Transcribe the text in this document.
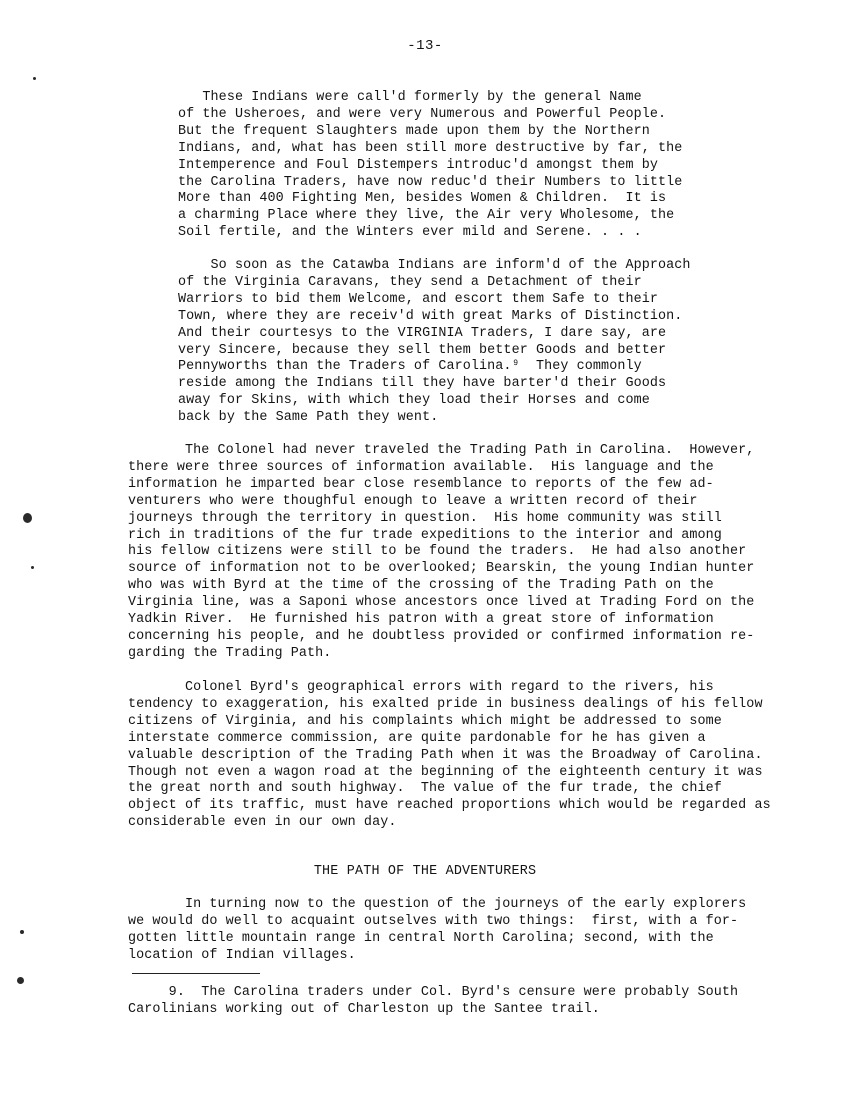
-13-
These Indians were call'd formerly by the general Name
of the Usheroes, and were very Numerous and Powerful People.
But the frequent Slaughters made upon them by the Northern
Indians, and, what has been still more destructive by far, the
Intemperence and Foul Distempers introduc'd amongst them by
the Carolina Traders, have now reduc'd their Numbers to little
More than 400 Fighting Men, besides Women & Children.  It is
a charming Place where they live, the Air very Wholesome, the
Soil fertile, and the Winters ever mild and Serene. . . .
So soon as the Catawba Indians are inform'd of the Approach
of the Virginia Caravans, they send a Detachment of their
Warriors to bid them Welcome, and escort them Safe to their
Town, where they are receiv'd with great Marks of Distinction.
And their courtesys to the VIRGINIA Traders, I dare say, are
very Sincere, because they sell them better Goods and better
Pennyworths than the Traders of Carolina.⁹  They commonly
reside among the Indians till they have barter'd their Goods
away for Skins, with which they load their Horses and come
back by the Same Path they went.
The Colonel had never traveled the Trading Path in Carolina.  However,
there were three sources of information available.  His language and the
information he imparted bear close resemblance to reports of the few ad-
venturers who were thoughful enough to leave a written record of their
journeys through the territory in question.  His home community was still
rich in traditions of the fur trade expeditions to the interior and among
his fellow citizens were still to be found the traders.  He had also another
source of information not to be overlooked; Bearskin, the young Indian hunter
who was with Byrd at the time of the crossing of the Trading Path on the
Virginia line, was a Saponi whose ancestors once lived at Trading Ford on the
Yadkin River.  He furnished his patron with a great store of information
concerning his people, and he doubtless provided or confirmed information re-
garding the Trading Path.
Colonel Byrd's geographical errors with regard to the rivers, his
tendency to exaggeration, his exalted pride in business dealings of his fellow
citizens of Virginia, and his complaints which might be addressed to some
interstate commerce commission, are quite pardonable for he has given a
valuable description of the Trading Path when it was the Broadway of Carolina.
Though not even a wagon road at the beginning of the eighteenth century it was
the great north and south highway.  The value of the fur trade, the chief
object of its traffic, must have reached proportions which would be regarded as
considerable even in our own day.
THE PATH OF THE ADVENTURERS
In turning now to the question of the journeys of the early explorers
we would do well to acquaint outselves with two things:  first, with a for-
gotten little mountain range in central North Carolina; second, with the
location of Indian villages.
9.  The Carolina traders under Col. Byrd's censure were probably South
Carolinians working out of Charleston up the Santee trail.
